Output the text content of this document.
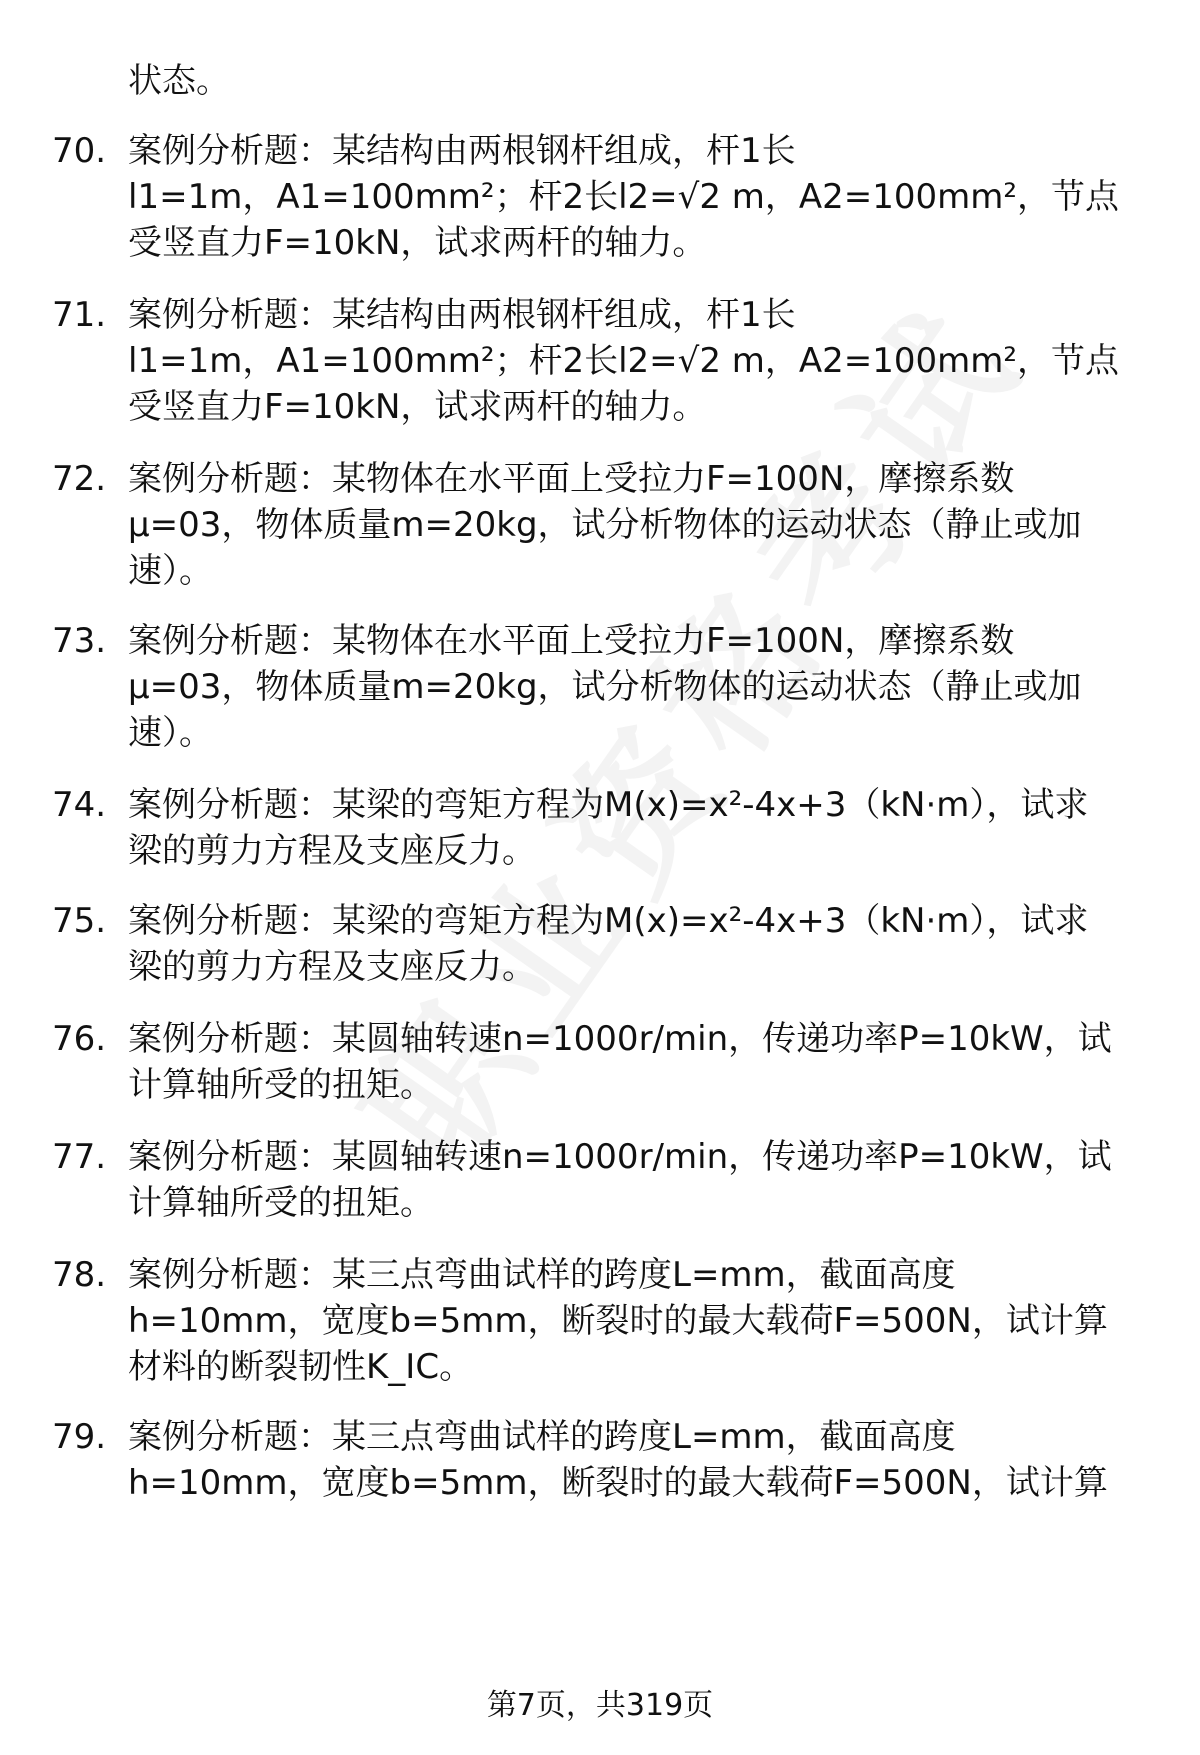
状态。
70. 案例分析题：某结构由两根钢杆组成，杆1长
l1=1m，A1=100mm²；杆2长l2=√2 m，A2=100mm²，节点
受竖直力F=10kN，试求两杆的轴力。
71. 案例分析题：某结构由两根钢杆组成，杆1长
l1=1m，A1=100mm²；杆2长l2=√2 m，A2=100mm²，节点
受竖直力F=10kN，试求两杆的轴力。
72. 案例分析题：某物体在水平面上受拉力F=100N，摩擦系数
μ=03，物体质量m=20kg，试分析物体的运动状态（静止或加
速）。
73. 案例分析题：某物体在水平面上受拉力F=100N，摩擦系数
μ=03，物体质量m=20kg，试分析物体的运动状态（静止或加
速）。
74. 案例分析题：某梁的弯矩方程为M(x)=x²-4x+3（kN·m），试求
梁的剪力方程及支座反力。
75. 案例分析题：某梁的弯矩方程为M(x)=x²-4x+3（kN·m），试求
梁的剪力方程及支座反力。
76. 案例分析题：某圆轴转速n=1000r/min，传递功率P=10kW，试
计算轴所受的扭矩。
77. 案例分析题：某圆轴转速n=1000r/min，传递功率P=10kW，试
计算轴所受的扭矩。
78. 案例分析题：某三点弯曲试样的跨度L=mm，截面高度
h=10mm，宽度b=5mm，断裂时的最大载荷F=500N，试计算
材料的断裂韧性K_IC。
79. 案例分析题：某三点弯曲试样的跨度L=mm，截面高度
h=10mm，宽度b=5mm，断裂时的最大载荷F=500N，试计算
第7页，共319页
